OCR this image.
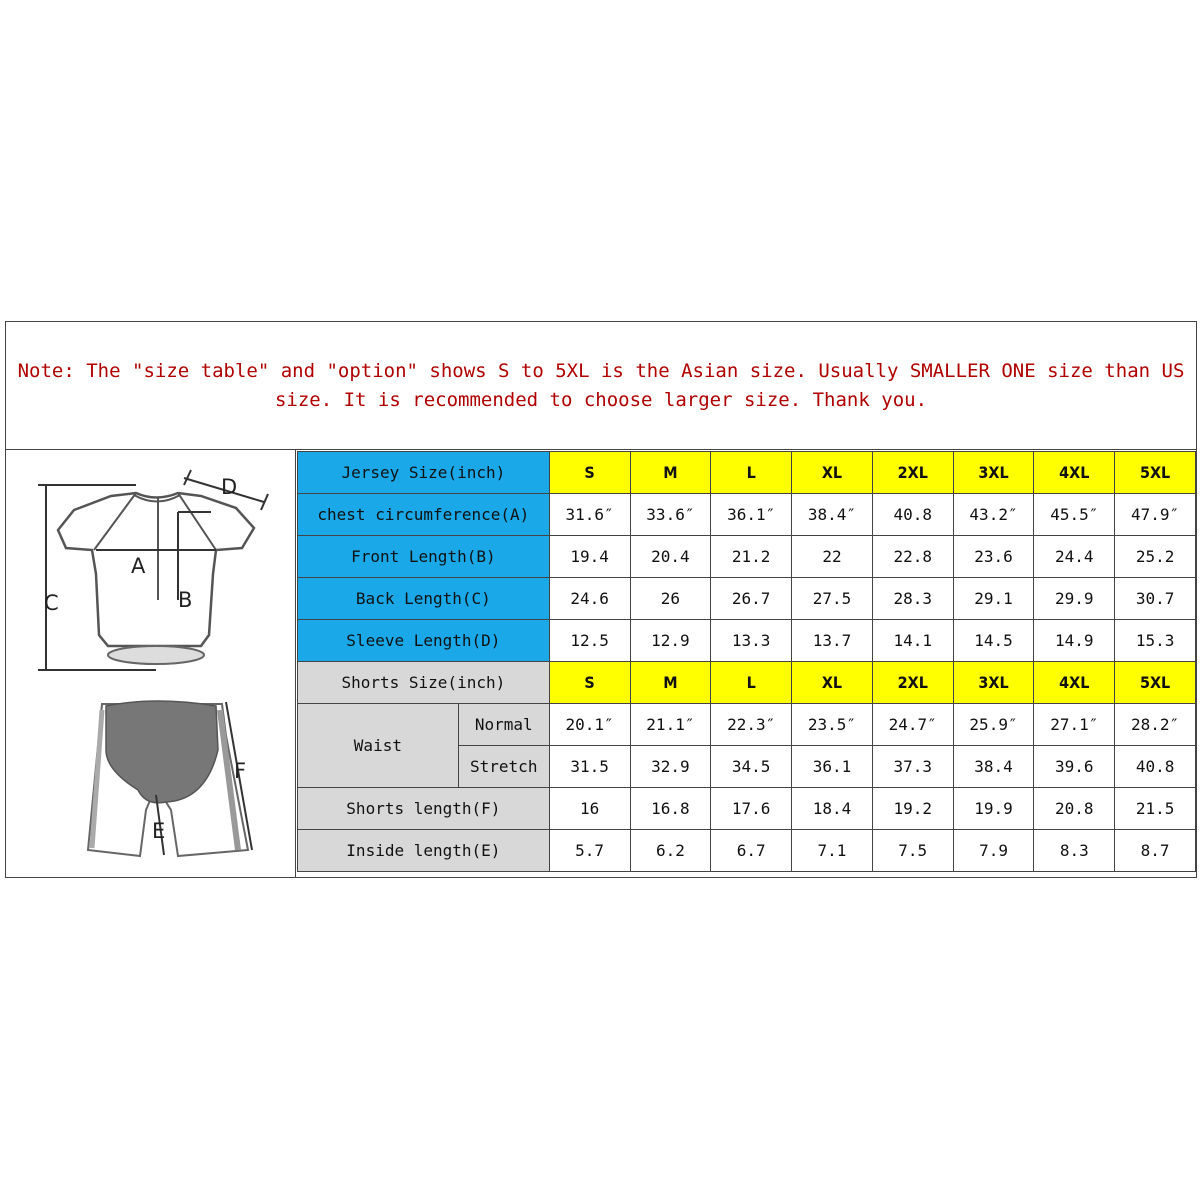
Note: The "size table" and "option" shows S to 5XL is the Asian size. Usually SMALLER ONE size than US size. It is recommended to choose larger size. Thank you.
A
B
C
D
F
E
Jersey Size(inch)		S	M	L	XL	2XL	3XL	4XL	5XL
chest circumference(A)		31.6″	33.6″	36.1″	38.4″	40.8	43.2″	45.5″	47.9″
Front Length(B)		19.4	20.4	21.2	22	22.8	23.6	24.4	25.2
Back Length(C)		24.6	26	26.7	27.5	28.3	29.1	29.9	30.7
Sleeve Length(D)		12.5	12.9	13.3	13.7	14.1	14.5	14.9	15.3
Shorts Size(inch)		S	M	L	XL	2XL	3XL	4XL	5XL
Waist	Normal	20.1″	21.1″	22.3″	23.5″	24.7″	25.9″	27.1″	28.2″
	Stretch	31.5	32.9	34.5	36.1	37.3	38.4	39.6	40.8
Shorts length(F)		16	16.8	17.6	18.4	19.2	19.9	20.8	21.5
Inside length(E)		5.7	6.2	6.7	7.1	7.5	7.9	8.3	8.7
